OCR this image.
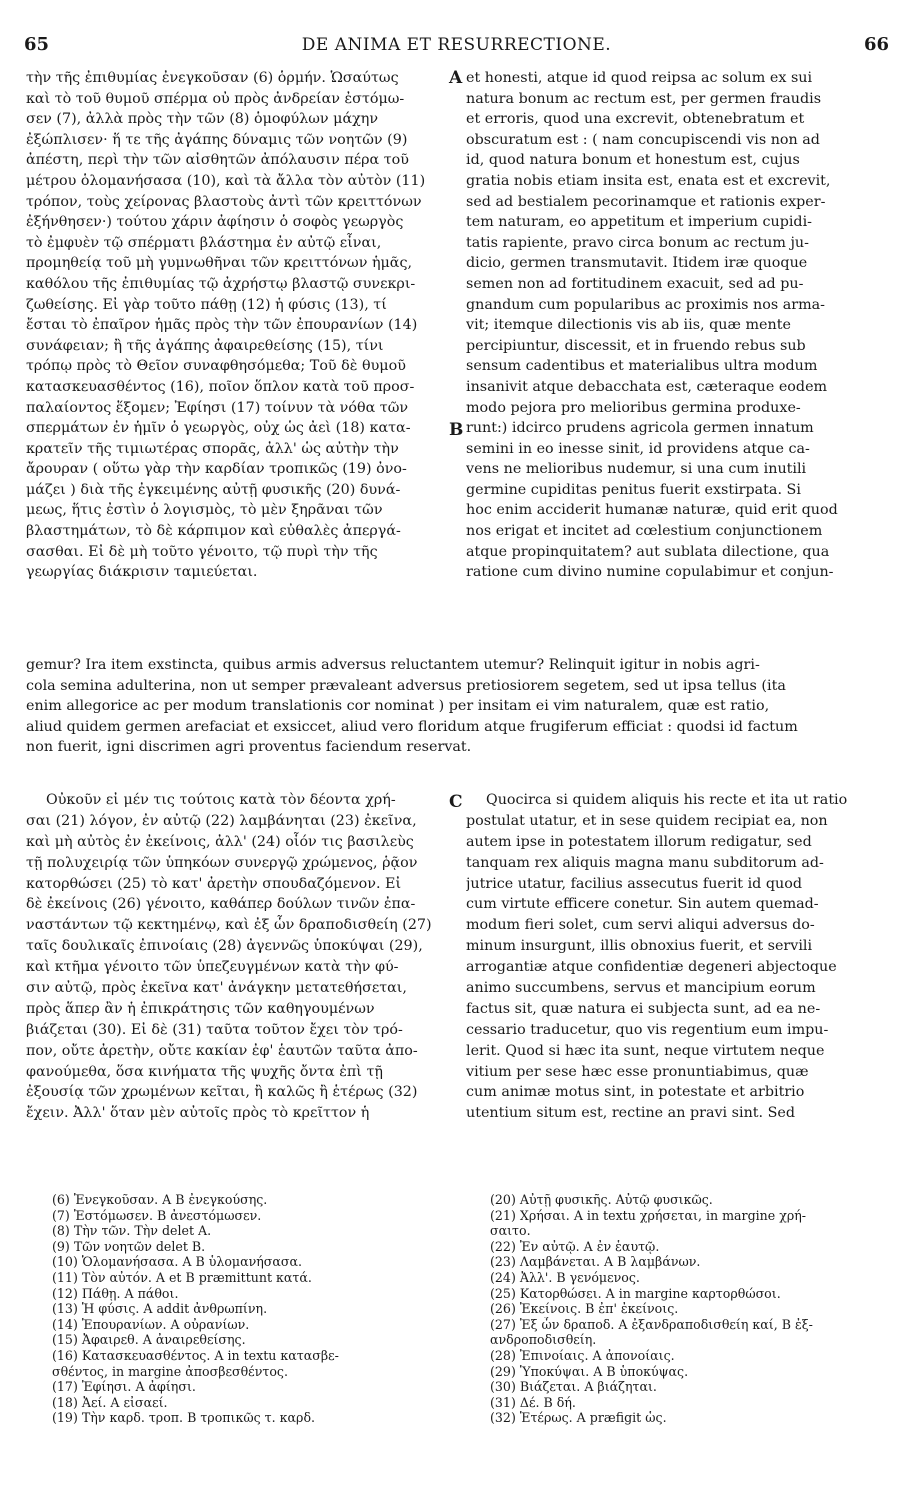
65	DE ANIMA ET RESURRECTIONE.	66
A
B
C
τὴν τῆς ἐπιθυμίας ἐνεγκοῦσαν (6) ὁρμήν. Ὡσαύτως
καὶ τὸ τοῦ θυμοῦ σπέρμα οὐ πρὸς ἀνδρείαν ἐστόμω-
σεν (7), ἀλλὰ πρὸς τὴν τῶν (8) ὁμοφύλων μάχην
ἐξώπλισεν· ἥ τε τῆς ἀγάπης δύναμις τῶν νοητῶν (9)
ἀπέστη, περὶ τὴν τῶν αἰσθητῶν ἀπόλαυσιν πέρα τοῦ
μέτρου ὁλομανήσασα (10), καὶ τὰ ἄλλα τὸν αὐτὸν (11)
τρόπον, τοὺς χείρονας βλαστοὺς ἀντὶ τῶν κρειττόνων
ἐξήνθησεν·) τούτου χάριν ἀφίησιν ὁ σοφὸς γεωργὸς
τὸ ἐμφυὲν τῷ σπέρματι βλάστημα ἐν αὐτῷ εἶναι,
προμηθείᾳ τοῦ μὴ γυμνωθῆναι τῶν κρειττόνων ἡμᾶς,
καθόλου τῆς ἐπιθυμίας τῷ ἀχρήστῳ βλαστῷ συνεκρι-
ζωθείσης. Εἰ γὰρ τοῦτο πάθῃ (12) ἡ φύσις (13), τί
ἔσται τὸ ἐπαῖρον ἡμᾶς πρὸς τὴν τῶν ἐπουρανίων (14)
συνάφειαν; ἢ τῆς ἀγάπης ἀφαιρεθείσης (15), τίνι
τρόπῳ πρὸς τὸ Θεῖον συναφθησόμεθα; Τοῦ δὲ θυμοῦ
κατασκευασθέντος (16), ποῖον ὅπλον κατὰ τοῦ προσ-
παλαίοντος ἕξομεν; Ἐφίησι (17) τοίνυν τὰ νόθα τῶν
σπερμάτων ἐν ἡμῖν ὁ γεωργὸς, οὐχ ὡς ἀεὶ (18) κατα-
κρατεῖν τῆς τιμιωτέρας σπορᾶς, ἀλλ' ὡς αὐτὴν τὴν
ἄρουραν ( οὕτω γὰρ τὴν καρδίαν τροπικῶς (19) ὀνο-
μάζει ) διὰ τῆς ἐγκειμένης αὐτῇ φυσικῆς (20) δυνά-
μεως, ἥτις ἐστὶν ὁ λογισμὸς, τὸ μὲν ξηρᾶναι τῶν
βλαστημάτων, τὸ δὲ κάρπιμον καὶ εὐθαλὲς ἀπεργά-
σασθαι. Εἰ δὲ μὴ τοῦτο γένοιτο, τῷ πυρὶ τὴν τῆς
γεωργίας διάκρισιν ταμιεύεται.
et honesti, atque id quod reipsa ac solum ex sui
natura bonum ac rectum est, per germen fraudis
et erroris, quod una excrevit, obtenebratum et
obscuratum est : ( nam concupiscendi vis non ad
id, quod natura bonum et honestum est, cujus
gratia nobis etiam insita est, enata est et excrevit,
sed ad bestialem pecorinamque et rationis exper-
tem naturam, eo appetitum et imperium cupidi-
tatis rapiente, pravo circa bonum ac rectum ju-
dicio, germen transmutavit. Itidem iræ quoque
semen non ad fortitudinem exacuit, sed ad pu-
gnandum cum popularibus ac proximis nos arma-
vit; itemque dilectionis vis ab iis, quæ mente
percipiuntur, discessit, et in fruendo rebus sub
sensum cadentibus et materialibus ultra modum
insanivit atque debacchata est, cæteraque eodem
modo pejora pro melioribus germina produxe-
runt:) idcirco prudens agricola germen innatum
semini in eo inesse sinit, id providens atque ca-
vens ne melioribus nudemur, si una cum inutili
germine cupiditas penitus fuerit exstirpata. Si
hoc enim acciderit humanæ naturæ, quid erit quod
nos erigat et incitet ad cœlestium conjunctionem
atque propinquitatem? aut sublata dilectione, qua
ratione cum divino numine copulabimur et conjun-
gemur? Ira item exstincta, quibus armis adversus reluctantem utemur? Relinquit igitur in nobis agri-
cola semina adulterina, non ut semper prævaleant adversus pretiosiorem segetem, sed ut ipsa tellus (ita
enim allegorice ac per modum translationis cor nominat ) per insitam ei vim naturalem, quæ est ratio,
aliud quidem germen arefaciat et exsiccet, aliud vero floridum atque frugiferum efficiat : quodsi id factum
non fuerit, igni discrimen agri proventus faciendum reservat.
Οὐκοῦν εἰ μέν τις τούτοις κατὰ τὸν δέοντα χρή-
σαι (21) λόγον, ἐν αὐτῷ (22) λαμβάνηται (23) ἐκεῖνα,
καὶ μὴ αὐτὸς ἐν ἐκείνοις, ἀλλ' (24) οἷόν τις βασιλεὺς
τῇ πολυχειρίᾳ τῶν ὑπηκόων συνεργῷ χρώμενος, ῥᾷον
κατορθώσει (25) τὸ κατ' ἀρετὴν σπουδαζόμενον. Εἰ
δὲ ἐκείνοις (26) γένοιτο, καθάπερ δούλων τινῶν ἐπα-
ναστάντων τῷ κεκτημένῳ, καὶ ἐξ ὧν δραποδισθείη (27)
ταῖς δουλικαῖς ἐπινοίαις (28) ἀγεννῶς ὑποκύψαι (29),
καὶ κτῆμα γένοιτο τῶν ὑπεζευγμένων κατὰ τὴν φύ-
σιν αὐτῷ, πρὸς ἐκεῖνα κατ' ἀνάγκην μετατεθήσεται,
πρὸς ἅπερ ἂν ἡ ἐπικράτησις τῶν καθηγουμένων
βιάζεται (30). Εἰ δὲ (31) ταῦτα τοῦτον ἔχει τὸν τρό-
πον, οὔτε ἀρετὴν, οὔτε κακίαν ἐφ' ἑαυτῶν ταῦτα ἀπο-
φανούμεθα, ὅσα κινήματα τῆς ψυχῆς ὄντα ἐπὶ τῇ
ἐξουσίᾳ τῶν χρωμένων κεῖται, ἢ καλῶς ἢ ἑτέρως (32)
ἔχειν. Ἀλλ' ὅταν μὲν αὐτοῖς πρὸς τὸ κρεῖττον ἡ
Quocirca si quidem aliquis his recte et ita ut ratio
postulat utatur, et in sese quidem recipiat ea, non
autem ipse in potestatem illorum redigatur, sed
tanquam rex aliquis magna manu subditorum ad-
jutrice utatur, facilius assecutus fuerit id quod
cum virtute efficere conetur. Sin autem quemad-
modum fieri solet, cum servi aliqui adversus do-
minum insurgunt, illis obnoxius fuerit, et servili
arrogantiæ atque confidentiæ degeneri abjectoque
animo succumbens, servus et mancipium eorum
factus sit, quæ natura ei subjecta sunt, ad ea ne-
cessario traducetur, quo vis regentium eum impu-
lerit. Quod si hæc ita sunt, neque virtutem neque
vitium per sese hæc esse pronuntiabimus, quæ
cum animæ motus sint, in potestate et arbitrio
utentium situm est, rectine an pravi sint. Sed
(6) Ἐνεγκοῦσαν. A B ἐνεγκούσης.
(7) Ἐστόμωσεν. B ἀνεστόμωσεν.
(8) Τὴν τῶν. Τὴν delet A.
(9) Τῶν νοητῶν delet B.
(10) Ὁλομανήσασα. A B ὑλομανήσασα.
(11) Τὸν αὐτόν. A et B præmittunt κατά.
(12) Πάθῃ. A πάθοι.
(13) Ἡ φύσις. A addit ἀνθρωπίνη.
(14) Ἐπουρανίων. A οὐρανίων.
(15) Ἀφαιρεθ. A ἀναιρεθείσης.
(16) Κατασκευασθέντος. A in textu κατασβε-
σθέντος, in margine ἀποσβεσθέντος.
(17) Ἐφίησι. A ἀφίησι.
(18) Ἀεί. A εἰσαεί.
(19) Τὴν καρδ. τροπ. B τροπικῶς τ. καρδ.
(20) Αὐτῇ φυσικῆς. Αὐτῷ φυσικῶς.
(21) Χρήσαι. A in textu χρήσεται, in margine χρή-
σαιτο.
(22) Ἐν αὐτῷ. A ἐν ἑαυτῷ.
(23) Λαμβάνεται. A B λαμβάνων.
(24) Ἀλλ'. B γενόμενος.
(25) Κατορθώσει. A in margine καρτορθώσοι.
(26) Ἐκείνοις. B ἐπ' ἐκείνοις.
(27) Ἐξ ὧν δραποδ. A ἐξανδραποδισθείη καί, B ἐξ-
ανδροποδισθείη.
(28) Ἐπινοίαις. A ἀπονοίαις.
(29) Ὑποκύψαι. A B ὑποκύψας.
(30) Βιάζεται. A βιάζηται.
(31) Δέ. B δή.
(32) Ἑτέρως. A præfigit ὡς.
